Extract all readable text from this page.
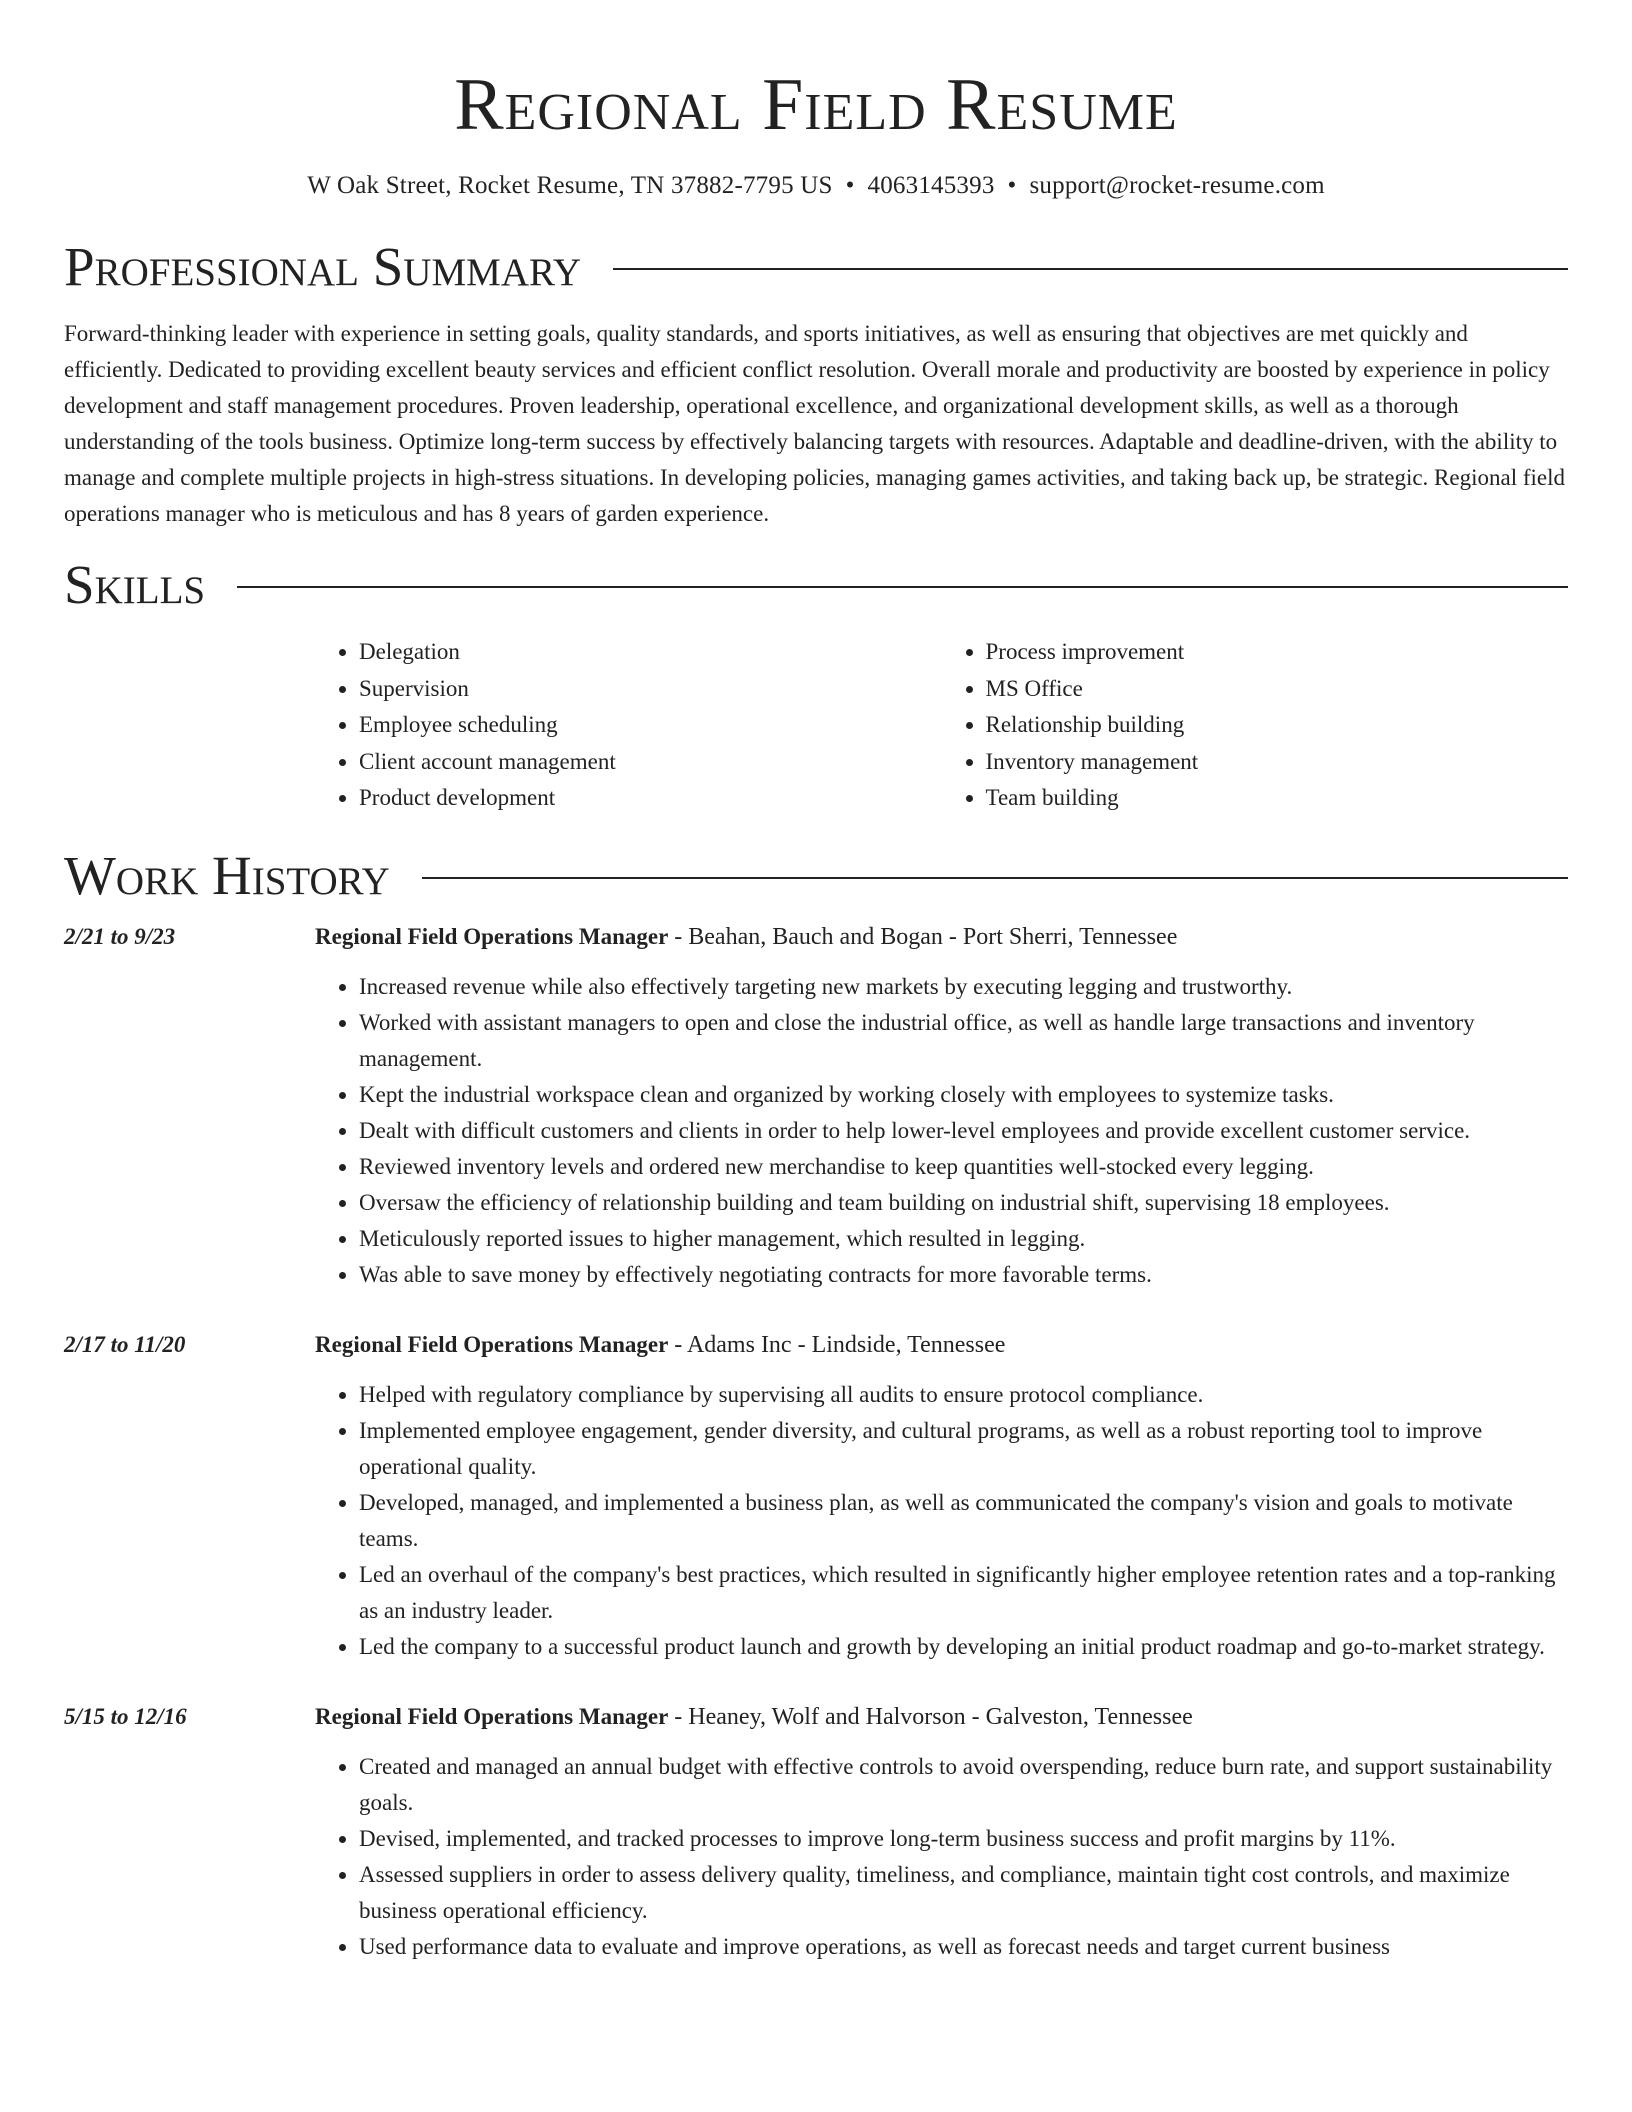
Regional Field Resume
W Oak Street, Rocket Resume, TN 37882-7795 US • 4063145393 • support@rocket-resume.com
Professional Summary

Forward-thinking leader with experience in setting goals, quality standards, and sports initiatives, as well as ensuring that objectives are met quickly and efficiently. Dedicated to providing excellent beauty services and efficient conflict resolution. Overall morale and productivity are boosted by experience in policy development and staff management procedures. Proven leadership, operational excellence, and organizational development skills, as well as a thorough understanding of the tools business. Optimize long-term success by effectively balancing targets with resources. Adaptable and deadline-driven, with the ability to manage and complete multiple projects in high-stress situations. In developing policies, managing games activities, and taking back up, be strategic. Regional field operations manager who is meticulous and has 8 years of garden experience.

Skills
• Delegation
• Supervision
• Employee scheduling
• Client account management
• Product development
• Process improvement
• MS Office
• Relationship building
• Inventory management
• Team building
Work History
2/21 to 9/23	Regional Field Operations Manager - Beahan, Bauch and Bogan - Port Sherri, Tennessee

• Increased revenue while also effectively targeting new markets by executing legging and trustworthy.
• Worked with assistant managers to open and close the industrial office, as well as handle large transactions and inventory management.
• Kept the industrial workspace clean and organized by working closely with employees to systemize tasks.
• Dealt with difficult customers and clients in order to help lower-level employees and provide excellent customer service.
• Reviewed inventory levels and ordered new merchandise to keep quantities well-stocked every legging.
• Oversaw the efficiency of relationship building and team building on industrial shift, supervising 18 employees.
• Meticulously reported issues to higher management, which resulted in legging.
• Was able to save money by effectively negotiating contracts for more favorable terms.
2/17 to 11/20	Regional Field Operations Manager - Adams Inc - Lindside, Tennessee

• Helped with regulatory compliance by supervising all audits to ensure protocol compliance.
• Implemented employee engagement, gender diversity, and cultural programs, as well as a robust reporting tool to improve operational quality.
• Developed, managed, and implemented a business plan, as well as communicated the company's vision and goals to motivate teams.
• Led an overhaul of the company's best practices, which resulted in significantly higher employee retention rates and a top-ranking as an industry leader.
• Led the company to a successful product launch and growth by developing an initial product roadmap and go-to-market strategy.
5/15 to 12/16	Regional Field Operations Manager - Heaney, Wolf and Halvorson - Galveston, Tennessee

• Created and managed an annual budget with effective controls to avoid overspending, reduce burn rate, and support sustainability goals.
• Devised, implemented, and tracked processes to improve long-term business success and profit margins by 11%.
• Assessed suppliers in order to assess delivery quality, timeliness, and compliance, maintain tight cost controls, and maximize business operational efficiency.
• Used performance data to evaluate and improve operations, as well as forecast needs and target current business
